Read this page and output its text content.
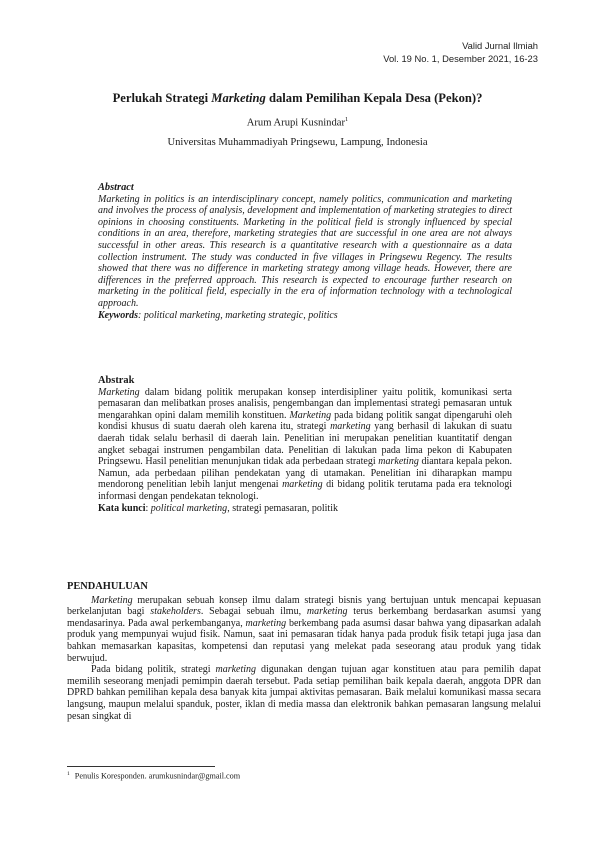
Valid Jurnal Ilmiah
Vol. 19 No. 1, Desember 2021, 16-23
Perlukah Strategi Marketing dalam Pemilihan Kepala Desa (Pekon)?
Arum Arupi Kusnindar$^1$
Universitas Muhammadiyah Pringsewu, Lampung, Indonesia
Abstract

Marketing in politics is an interdisciplinary concept, namely politics, communication and marketing and involves the process of analysis, development and implementation of marketing strategies to direct opinions in choosing constituents. Marketing in the political field is strongly influenced by special conditions in an area, therefore, marketing strategies that are successful in one area are not always successful in other areas. This research is a quantitative research with a questionnaire as a data collection instrument. The study was conducted in five villages in Pringsewu Regency. The results showed that there was no difference in marketing strategy among village heads. However, there are differences in the preferred approach. This research is expected to encourage further research on marketing in the political field, especially in the era of information technology with a technological approach.

Keywords: political marketing, marketing strategic, politics

Abstrak

Marketing dalam bidang politik merupakan konsep interdisipliner yaitu politik, komunikasi serta pemasaran dan melibatkan proses analisis, pengembangan dan implementasi strategi pemasaran untuk mengarahkan opini dalam memilih konstituen. Marketing pada bidang politik sangat dipengaruhi oleh kondisi khusus di suatu daerah oleh karena itu, strategi marketing yang berhasil di lakukan di suatu daerah tidak selalu berhasil di daerah lain. Penelitian ini merupakan penelitian kuantitatif dengan angket sebagai instrumen pengambilan data. Penelitian di lakukan pada lima pekon di Kabupaten Pringsewu. Hasil penelitian menunjukan tidak ada perbedaan strategi marketing diantara kepala pekon. Namun, ada perbedaan pilihan pendekatan yang di utamakan. Penelitian ini diharapkan mampu mendorong penelitian lebih lanjut mengenai marketing di bidang politik terutama pada era teknologi informasi dengan pendekatan teknologi.

Kata kunci: political marketing, strategi pemasaran, politik

PENDAHULUAN

Marketing merupakan sebuah konsep ilmu dalam strategi bisnis yang bertujuan untuk mencapai kepuasan berkelanjutan bagi stakeholders. Sebagai sebuah ilmu, marketing terus berkembang berdasarkan asumsi yang mendasarinya. Pada awal perkembanganya, marketing berkembang pada asumsi dasar bahwa yang dipasarkan adalah produk yang mempunyai wujud fisik. Namun, saat ini pemasaran tidak hanya pada produk fisik tetapi juga jasa dan bahkan memasarkan kapasitas, kompetensi dan reputasi yang melekat pada seseorang atau produk yang tidak berwujud.

Pada bidang politik, strategi marketing digunakan dengan tujuan agar konstituen atau para pemilih dapat memilih seseorang menjadi pemimpin daerah tersebut. Pada setiap pemilihan baik kepala daerah, anggota DPR dan DPRD bahkan pemilihan kepala desa banyak kita jumpai aktivitas pemasaran. Baik melalui komunikasi massa secara langsung, maupun melalui spanduk, poster, iklan di media massa dan elektronik bahkan pemasaran langsung melalui pesan singkat di

$^1$ Penulis Koresponden. arumkusnindar@gmail.com
